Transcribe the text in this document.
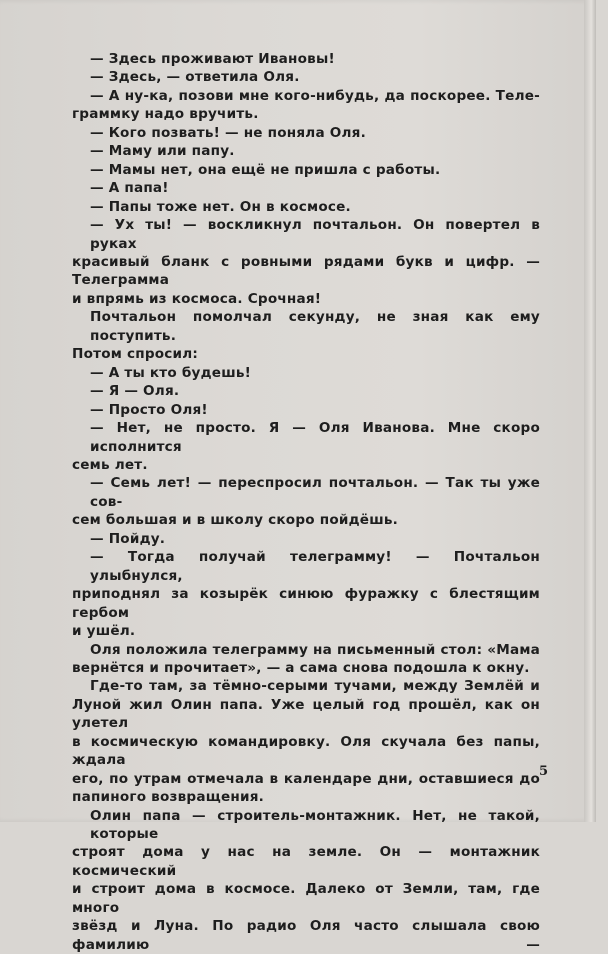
— Здесь проживают Ивановы!
— Здесь, — ответила Оля.
— А ну-ка, позови мне кого-нибудь, да поскорее. Теле-
граммку надо вручить.
— Кого позвать! — не поняла Оля.
— Маму или папу.
— Мамы нет, она ещё не пришла с работы.
— А папа!
— Папы тоже нет. Он в космосе.
— Ух ты! — воскликнул почтальон. Он повертел в руках
красивый бланк с ровными рядами букв и цифр. — Телеграмма
и впрямь из космоса. Срочная!
Почтальон помолчал секунду, не зная как ему поступить.
Потом спросил:
— А ты кто будешь!
— Я — Оля.
— Просто Оля!
— Нет, не просто. Я — Оля Иванова. Мне скоро исполнится
семь лет.
— Семь лет! — переспросил почтальон. — Так ты уже сов-
сем большая и в школу скоро пойдёшь.
— Пойду.
— Тогда получай телеграмму! — Почтальон улыбнулся,
приподнял за козырёк синюю фуражку с блестящим гербом
и ушёл.
Оля положила телеграмму на письменный стол: «Мама
вернётся и прочитает», — а сама снова подошла к окну.
Где-то там, за тёмно-серыми тучами, между Землёй и
Луной жил Олин папа. Уже целый год прошёл, как он улетел
в космическую командировку. Оля скучала без папы, ждала
его, по утрам отмечала в календаре дни, оставшиеся до
папиного возвращения.
Олин папа — строитель-монтажник. Нет, не такой, которые
строят дома у нас на земле. Он — монтажник космический
и строит дома в космосе. Далеко от Земли, там, где много
звёзд и Луна. По радио Оля часто слышала свою фамилию —
5
